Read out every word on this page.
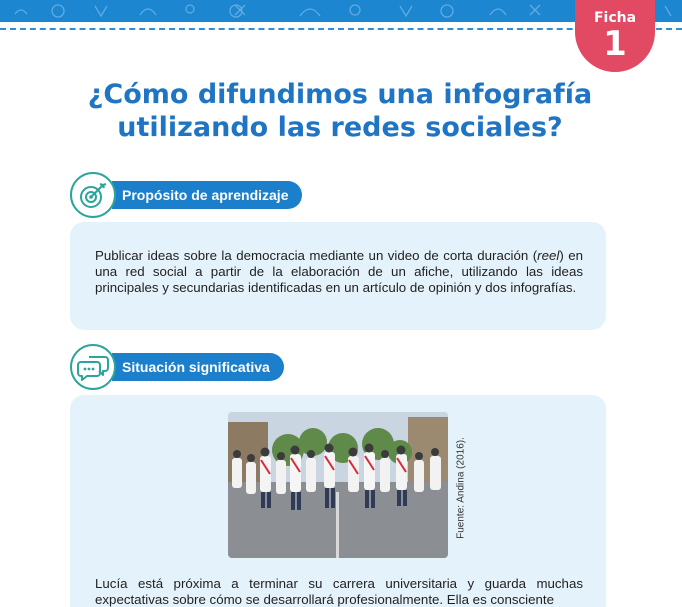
Ficha
1
¿Cómo difundimos una infografía
utilizando las redes sociales?
Propósito de aprendizaje

Publicar ideas sobre la democracia mediante un video de corta duración (reel) en una red social a partir de la elaboración de un afiche, utilizando las ideas principales y secundarias identificadas en un artículo de opinión y dos infografías.

Situación significativa
Fuente: Andina (2016).

Lucía está próxima a terminar su carrera universitaria y guarda muchas expectativas sobre cómo se desarrollará profesionalmente. Ella es consciente
